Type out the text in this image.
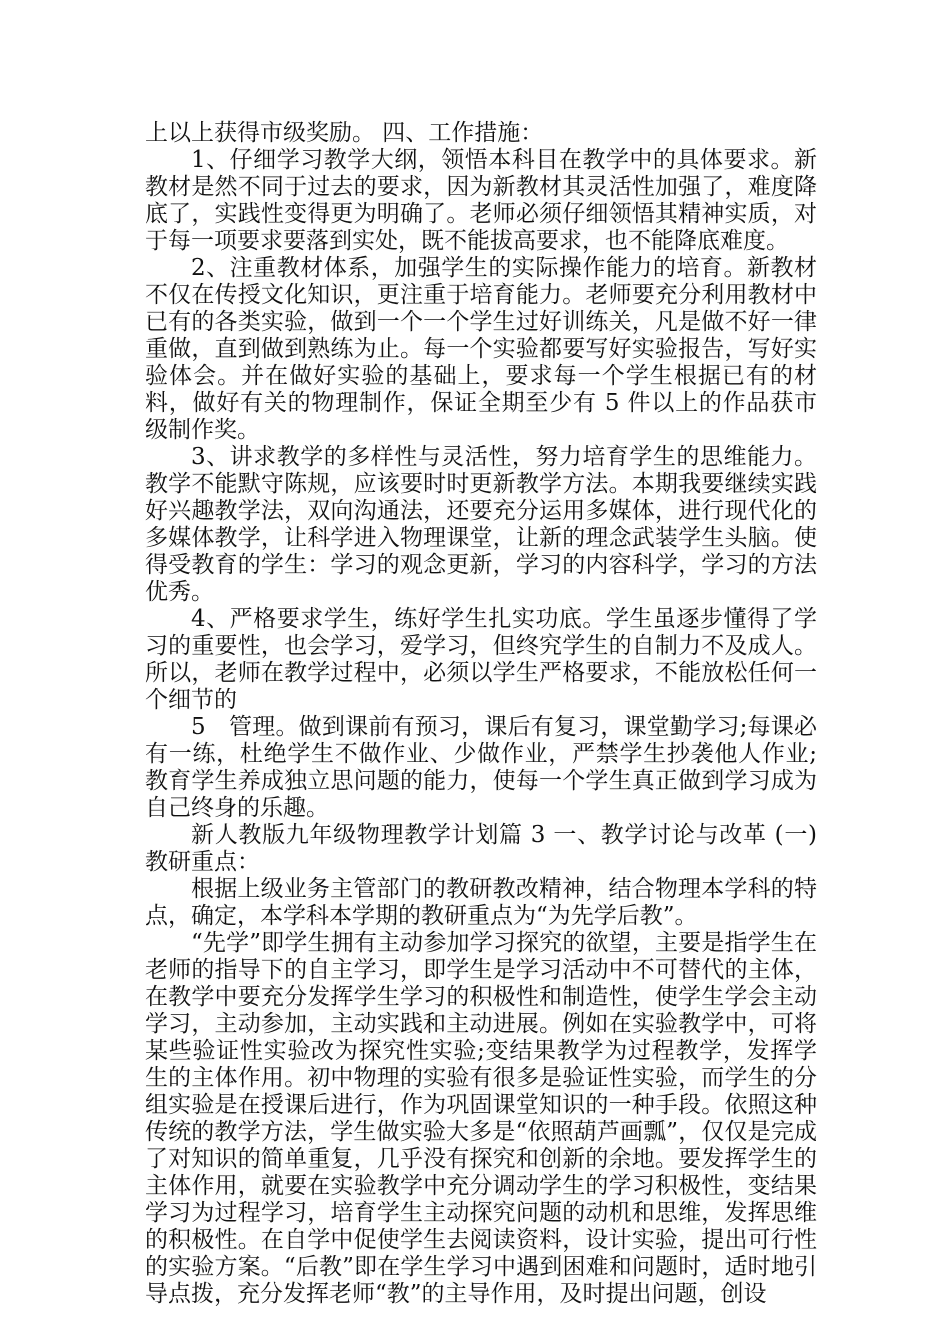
上以上获得市级奖励。 四、工作措施：

1、仔细学习教学大纲，领悟本科目在教学中的具体要求。新教材是然不同于过去的要求，因为新教材其灵活性加强了，难度降底了，实践性变得更为明确了。老师必须仔细领悟其精神实质，对于每一项要求要落到实处，既不能拔高要求，也不能降底难度。

2、注重教材体系，加强学生的实际操作能力的培育。新教材不仅在传授文化知识，更注重于培育能力。老师要充分利用教材中已有的各类实验，做到一个一个学生过好训练关，凡是做不好一律重做，直到做到熟练为止。每一个实验都要写好实验报告，写好实验体会。并在做好实验的基础上，要求每一个学生根据已有的材料，做好有关的物理制作，保证全期至少有 5 件以上的作品获市级制作奖。

3、讲求教学的多样性与灵活性，努力培育学生的思维能力。教学不能默守陈规，应该要时时更新教学方法。本期我要继续实践好兴趣教学法，双向沟通法，还要充分运用多媒体，进行现代化的多媒体教学，让科学进入物理课堂，让新的理念武装学生头脑。使得受教育的学生：学习的观念更新，学习的内容科学，学习的方法优秀。

4、严格要求学生，练好学生扎实功底。学生虽逐步懂得了学习的重要性，也会学习，爱学习，但终究学生的自制力不及成人。所以，老师在教学过程中，必须以学生严格要求，不能放松任何一个细节的

5　管理。做到课前有预习，课后有复习，课堂勤学习;每课必有一练，杜绝学生不做作业、少做作业，严禁学生抄袭他人作业;教育学生养成独立思问题的能力，使每一个学生真正做到学习成为自己终身的乐趣。

新人教版九年级物理教学计划篇 3 一、教学讨论与改革 (一)教研重点：

根据上级业务主管部门的教研教改精神，结合物理本学科的特点，确定，本学科本学期的教研重点为“为先学后教”。

“先学”即学生拥有主动参加学习探究的欲望，主要是指学生在老师的指导下的自主学习，即学生是学习活动中不可替代的主体，在教学中要充分发挥学生学习的积极性和制造性，使学生学会主动学习，主动参加，主动实践和主动进展。例如在实验教学中，可将某些验证性实验改为探究性实验;变结果教学为过程教学，发挥学生的主体作用。初中物理的实验有很多是验证性实验，而学生的分组实验是在授课后进行，作为巩固课堂知识的一种手段。依照这种传统的教学方法，学生做实验大多是“依照葫芦画瓢”，仅仅是完成了对知识的简单重复，几乎没有探究和创新的余地。要发挥学生的主体作用，就要在实验教学中充分调动学生的学习积极性，变结果学习为过程学习，培育学生主动探究问题的动机和思维，发挥思维的积极性。在自学中促使学生去阅读资料，设计实验，提出可行性的实验方案。“后教”即在学生学习中遇到困难和问题时，适时地引导点拨，充分发挥老师“教”的主导作用，及时提出问题，创设
